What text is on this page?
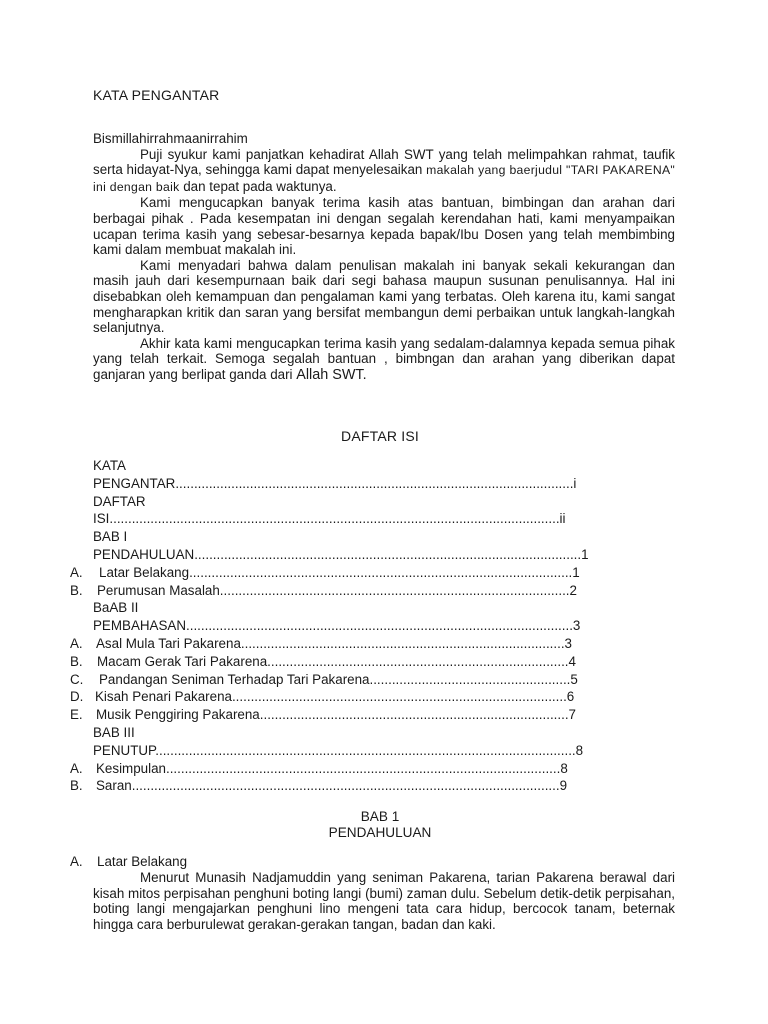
KATA PENGANTAR

Bismillahirrahmaanirrahim

Puji syukur kami panjatkan kehadirat Allah SWT yang telah melimpahkan rahmat, taufik serta hidayat-Nya, sehingga kami dapat menyelesaikan makalah yang baerjudul "TARI PAKARENA" ini dengan baik dan tepat pada waktunya.

Kami mengucapkan banyak terima kasih atas bantuan, bimbingan dan arahan dari berbagai pihak . Pada kesempatan ini dengan segalah kerendahan hati, kami menyampaikan ucapan terima kasih yang sebesar-besarnya kepada bapak/Ibu Dosen yang telah membimbing kami dalam membuat makalah ini.

Kami menyadari bahwa dalam penulisan makalah ini banyak sekali kekurangan dan masih jauh dari kesempurnaan baik dari segi bahasa maupun susunan penulisannya. Hal ini disebabkan oleh kemampuan dan pengalaman kami yang terbatas. Oleh karena itu, kami sangat mengharapkan kritik dan saran yang bersifat membangun demi perbaikan untuk langkah-langkah selanjutnya.

Akhir kata kami mengucapkan terima kasih yang sedalam-dalamnya kepada semua pihak yang telah terkait. Semoga segalah bantuan , bimbngan dan arahan yang diberikan dapat ganjaran yang berlipat ganda dari Allah SWT.

DAFTAR ISI
KATA
PENGANTAR...........................................................................................................i
DAFTAR
ISI.........................................................................................................................ii
BAB I
PENDAHULUAN........................................................................................................1
A. Latar Belakang.......................................................................................................1
B. Perumusan Masalah..............................................................................................2
BaAB II
PEMBAHASAN........................................................................................................3
A. Asal Mula Tari Pakarena.......................................................................................3
B. Macam Gerak Tari Pakarena.................................................................................4
C. Pandangan Seniman Terhadap Tari Pakarena......................................................5
D. Kisah Penari Pakarena..........................................................................................6
E. Musik Penggiring Pakarena...................................................................................7
BAB III
PENUTUP.................................................................................................................8
A. Kesimpulan..........................................................................................................8
B. Saran...................................................................................................................9
BAB 1
PENDAHULUAN
A. Latar Belakang

Menurut Munasih Nadjamuddin yang seniman Pakarena, tarian Pakarena berawal dari kisah mitos perpisahan penghuni boting langi (bumi) zaman dulu. Sebelum detik-detik perpisahan, boting langi mengajarkan penghuni lino mengeni tata cara hidup, bercocok tanam, beternak hingga cara berburulewat gerakan-gerakan tangan, badan dan kaki.
